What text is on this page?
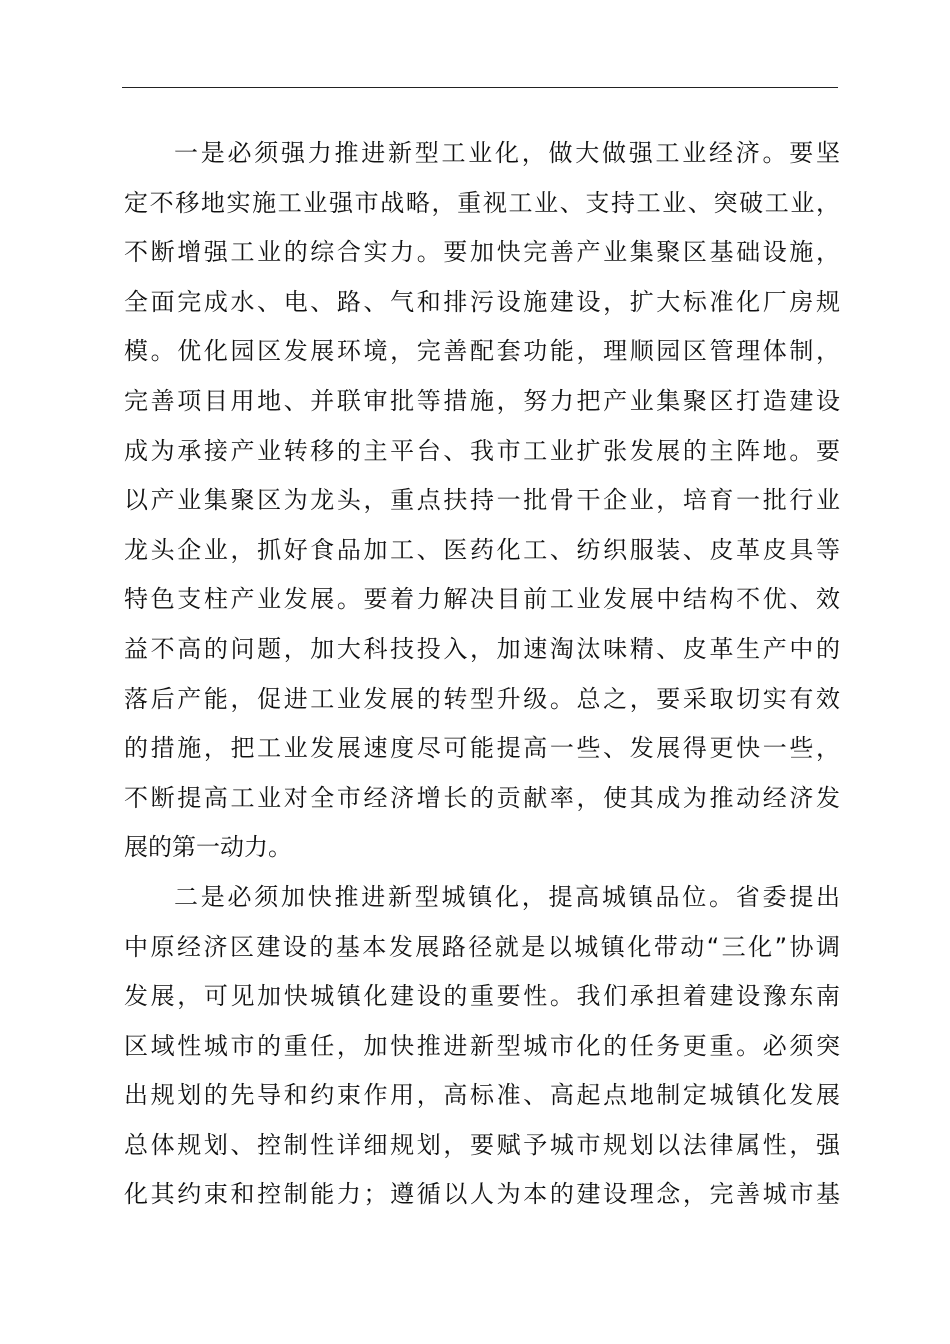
一是必须强力推进新型工业化，做大做强工业经济。要坚
定不移地实施工业强市战略，重视工业、支持工业、突破工业，
不断增强工业的综合实力。要加快完善产业集聚区基础设施，
全面完成水、电、路、气和排污设施建设，扩大标准化厂房规
模。优化园区发展环境，完善配套功能，理顺园区管理体制，
完善项目用地、并联审批等措施，努力把产业集聚区打造建设
成为承接产业转移的主平台、我市工业扩张发展的主阵地。要
以产业集聚区为龙头，重点扶持一批骨干企业，培育一批行业
龙头企业，抓好食品加工、医药化工、纺织服装、皮革皮具等
特色支柱产业发展。要着力解决目前工业发展中结构不优、效
益不高的问题，加大科技投入，加速淘汰味精、皮革生产中的
落后产能，促进工业发展的转型升级。总之，要采取切实有效
的措施，把工业发展速度尽可能提高一些、发展得更快一些，
不断提高工业对全市经济增长的贡献率，使其成为推动经济发
展的第一动力。
二是必须加快推进新型城镇化，提高城镇品位。省委提出
中原经济区建设的基本发展路径就是以城镇化带动“三化”协调
发展，可见加快城镇化建设的重要性。我们承担着建设豫东南
区域性城市的重任，加快推进新型城市化的任务更重。必须突
出规划的先导和约束作用，高标准、高起点地制定城镇化发展
总体规划、控制性详细规划，要赋予城市规划以法律属性，强
化其约束和控制能力；遵循以人为本的建设理念，完善城市基
